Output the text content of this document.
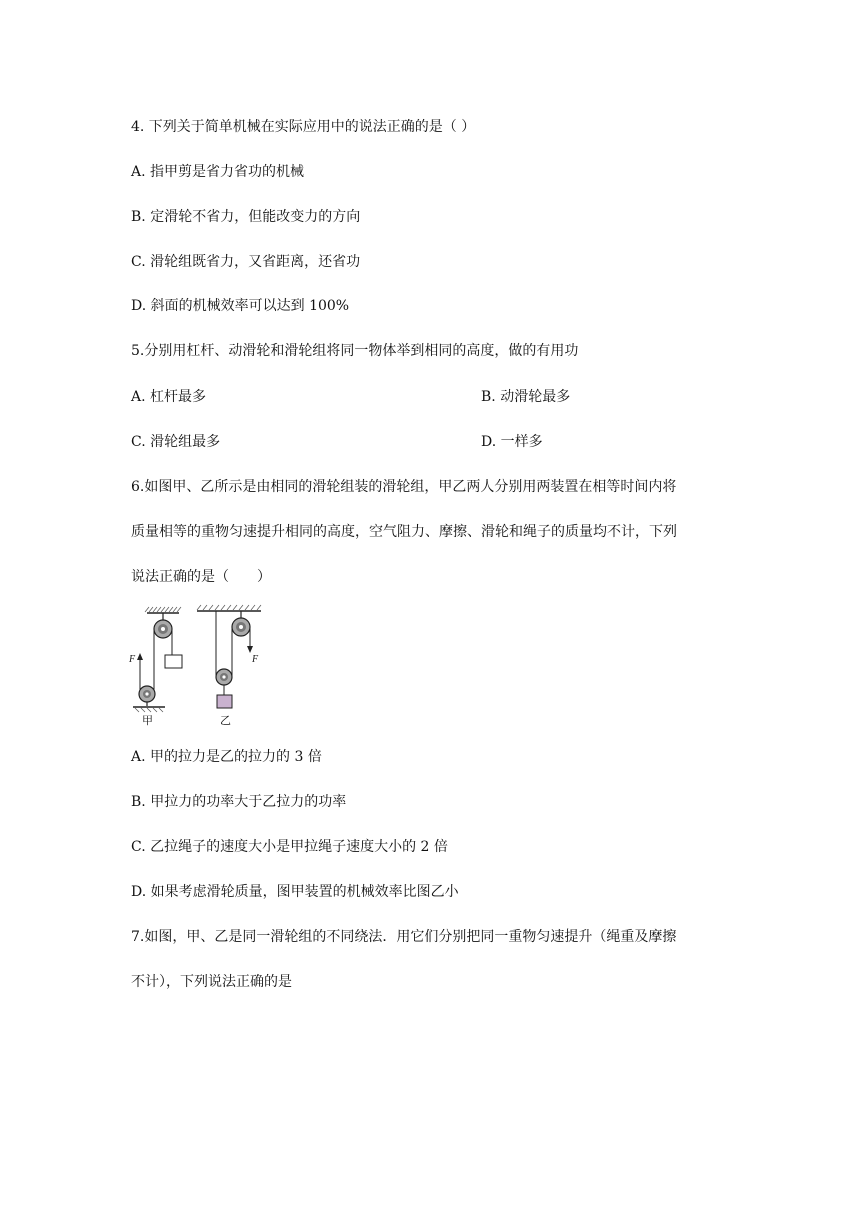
4. 下列关于简单机械在实际应用中的说法正确的是（ ）
A. 指甲剪是省力省功的机械
B. 定滑轮不省力，但能改变力的方向
C. 滑轮组既省力，又省距离，还省功
D. 斜面的机械效率可以达到 100%
5.分别用杠杆、动滑轮和滑轮组将同一物体举到相同的高度，做的有用功
A. 杠杆最多	B. 动滑轮最多
C. 滑轮组最多	D. 一样多
6.如图甲、乙所示是由相同的滑轮组装的滑轮组，甲乙两人分别用两装置在相等时间内将
质量相等的重物匀速提升相同的高度，空气阻力、摩擦、滑轮和绳子的质量均不计，下列
说法正确的是（　　）
F
甲
F
乙
A. 甲的拉力是乙的拉力的 3 倍
B. 甲拉力的功率大于乙拉力的功率
C. 乙拉绳子的速度大小是甲拉绳子速度大小的 2 倍
D. 如果考虑滑轮质量，图甲装置的机械效率比图乙小
7.如图，甲、乙是同一滑轮组的不同绕法．用它们分别把同一重物匀速提升（绳重及摩擦
不计），下列说法正确的是
